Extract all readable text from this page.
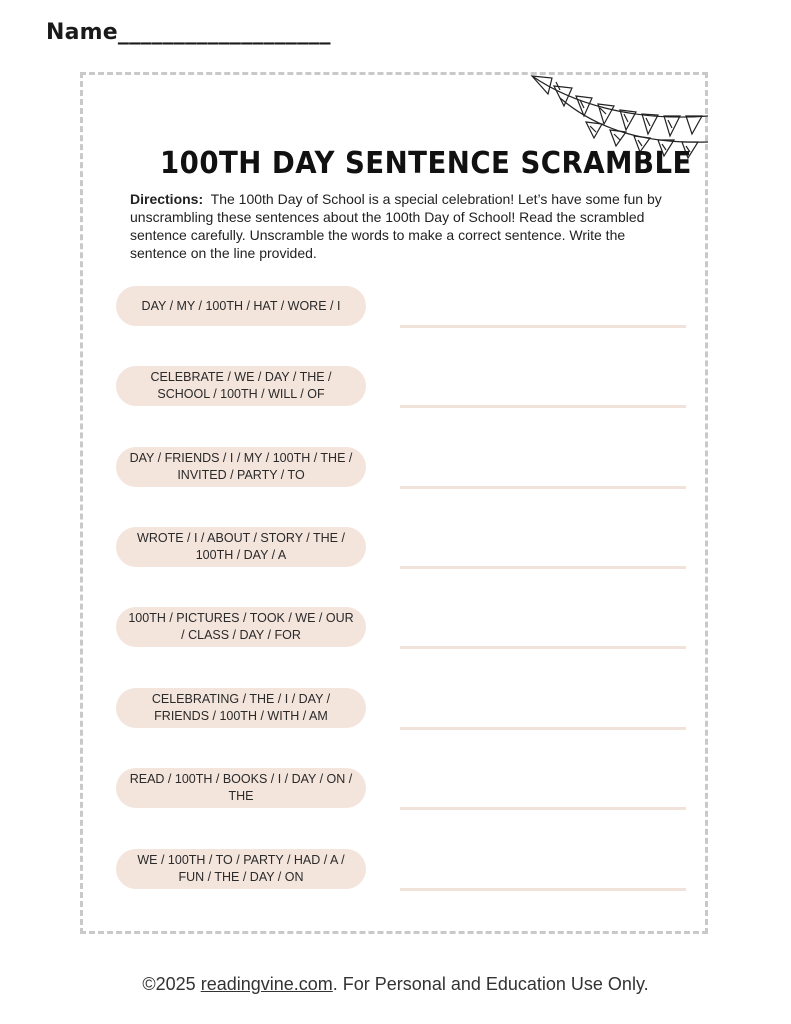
Name___________________
100TH DAY SENTENCE SCRAMBLE
Directions: The 100th Day of School is a special celebration! Let’s have some fun by unscrambling these sentences about the 100th Day of School! Read the scrambled sentence carefully. Unscramble the words to make a correct sentence. Write the sentence on the line provided.
DAY / MY / 100TH / HAT / WORE / I
CELEBRATE / WE / DAY / THE / SCHOOL / 100TH / WILL / OF
DAY / FRIENDS / I / MY / 100TH / THE / INVITED / PARTY / TO
WROTE / I / ABOUT / STORY / THE / 100TH / DAY / A
100TH / PICTURES / TOOK / WE / OUR / CLASS / DAY / FOR
CELEBRATING / THE / I / DAY / FRIENDS / 100TH / WITH / AM
READ / 100TH / BOOKS / I / DAY / ON / THE
WE / 100TH / TO / PARTY / HAD / A / FUN / THE / DAY / ON
©2025 readingvine.com. For Personal and Education Use Only.
